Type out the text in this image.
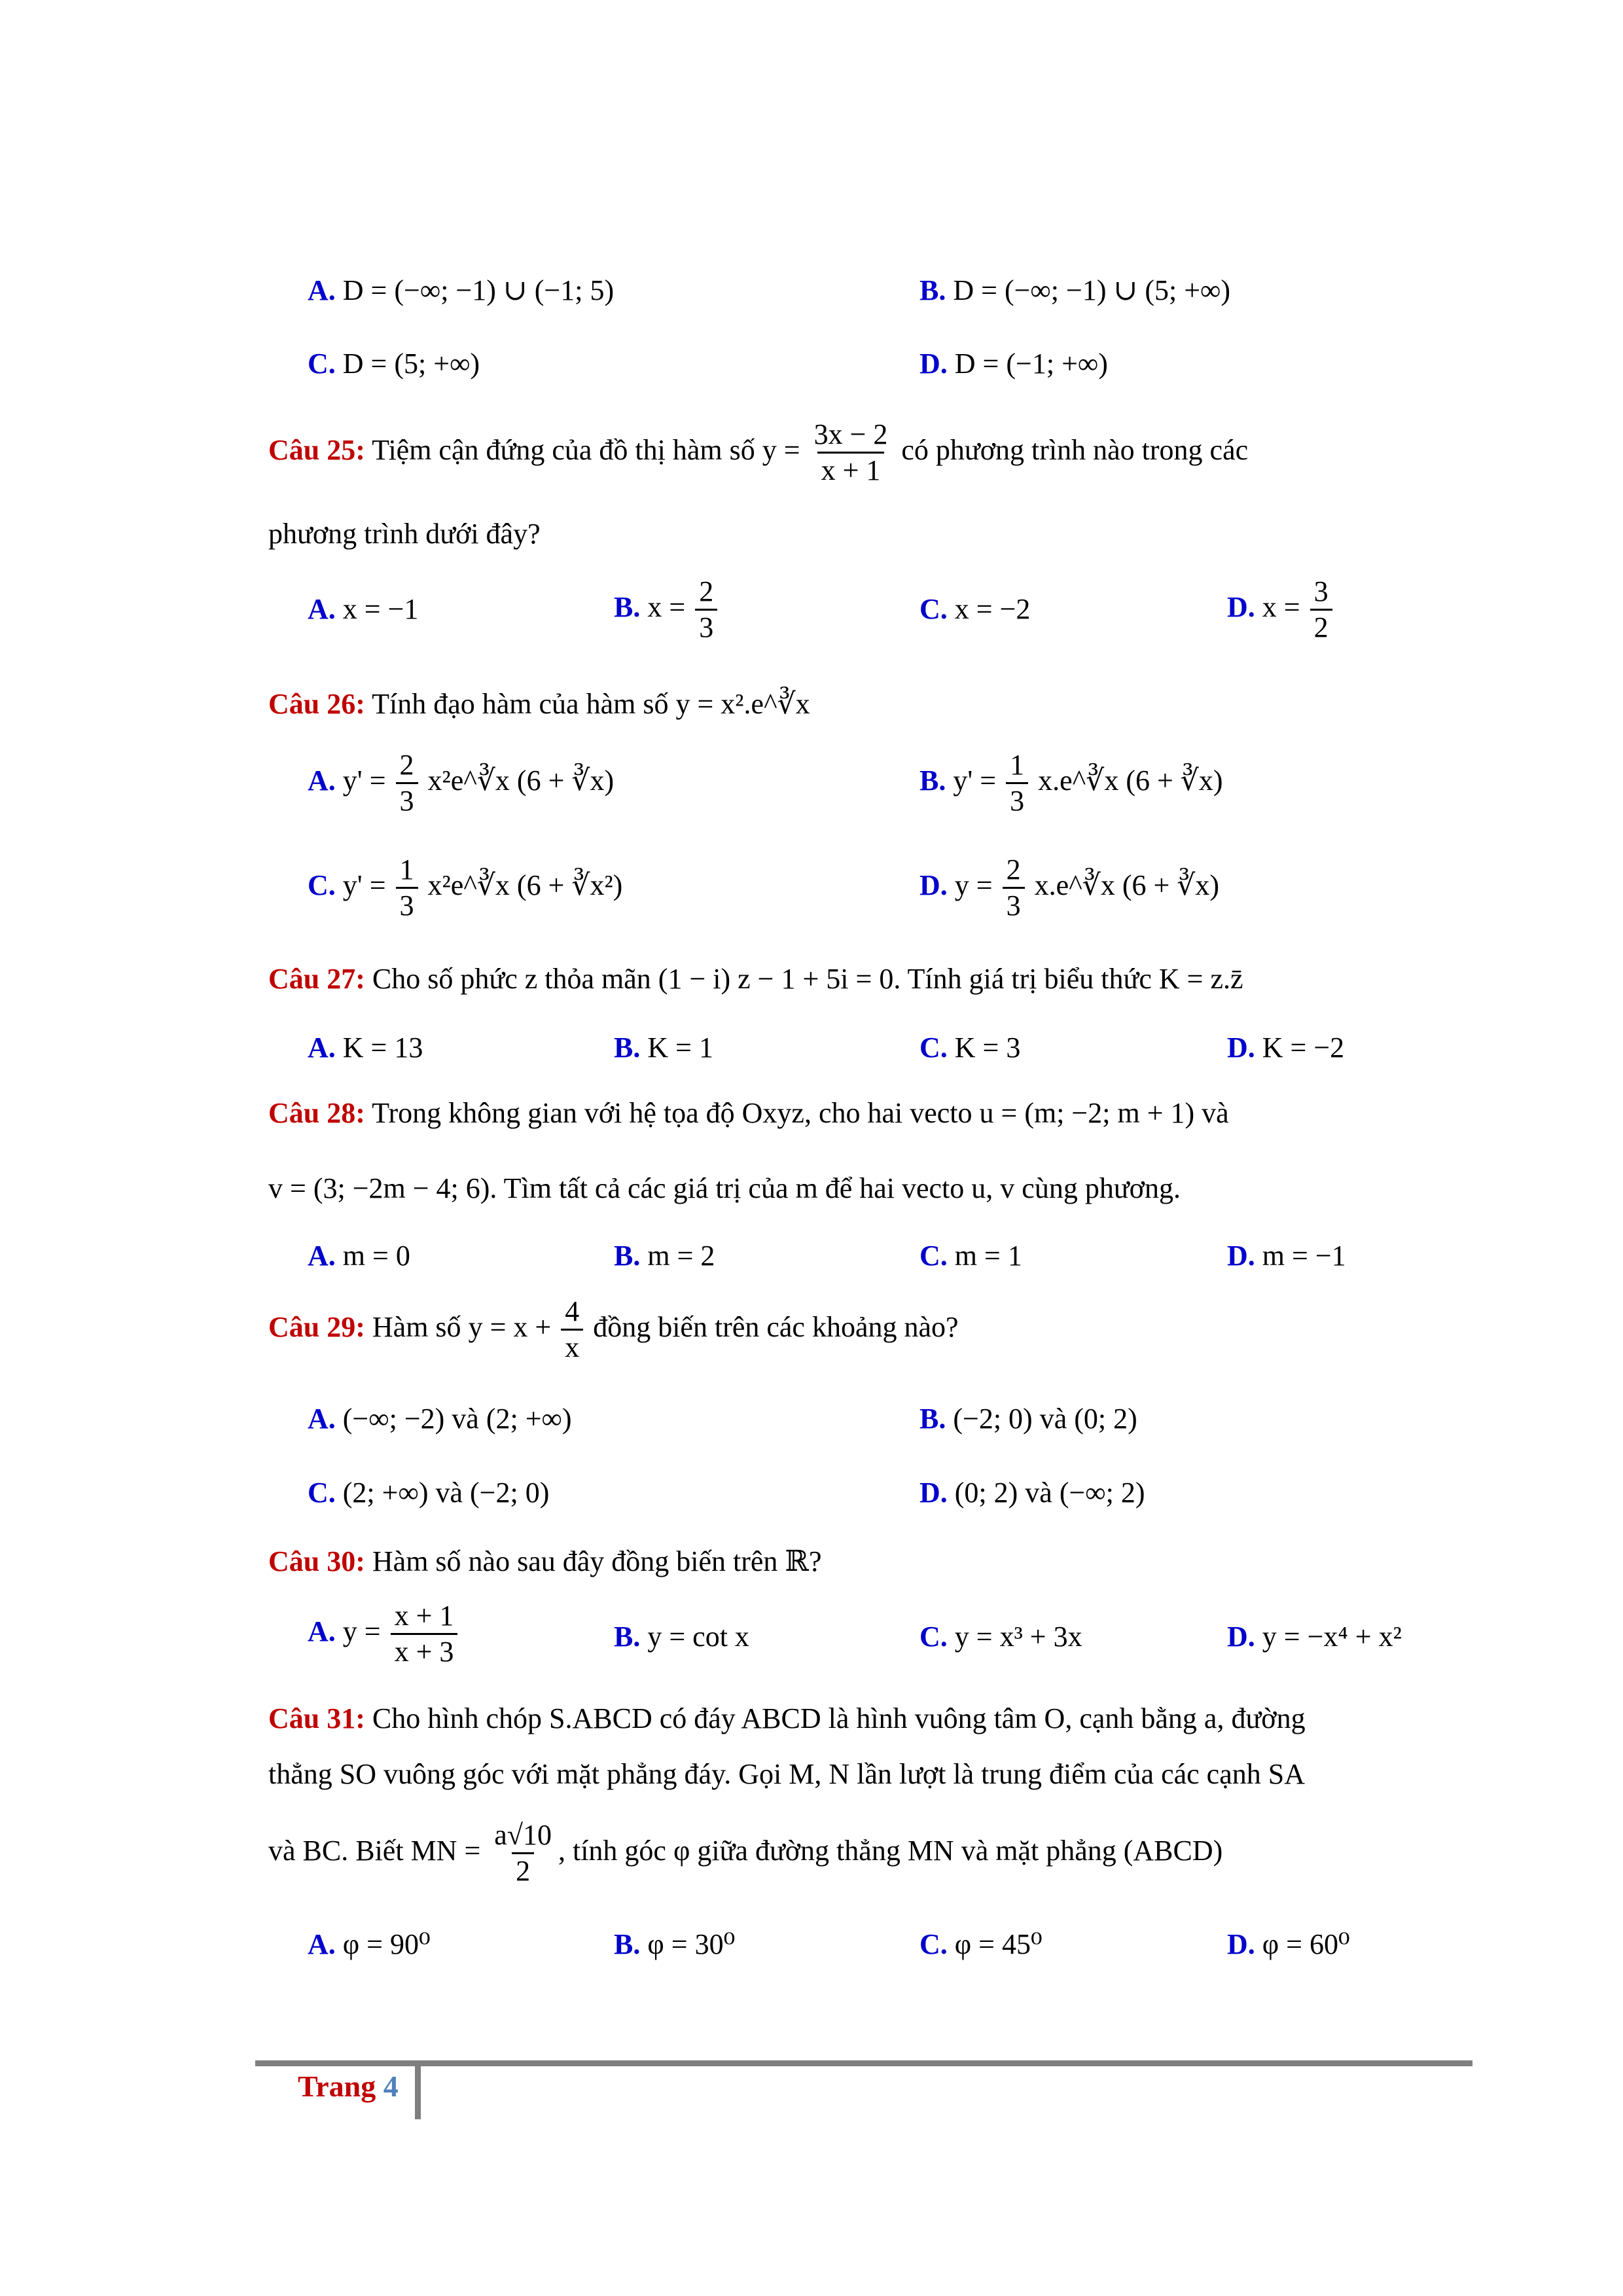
A. D = (−∞; −1) ∪ (−1; 5)	B. D = (−∞; −1) ∪ (5; +∞)
C. D = (5; +∞)	D. D = (−1; +∞)
Câu 25: Tiệm cận đứng của đồ thị hàm số $y = \frac{3x - 2}{x + 1}$ có phương trình nào trong các
phương trình dưới đây?
A. x = −1	B. $x = \frac{2}{3}$	C. x = −2	D. $x = \frac{3}{2}$
Câu 26: Tính đạo hàm của hàm số y = x².e^∛x
A. $y' = \frac{2}{3}$ x²e^∛x (6 + ∛x)	B. $y' = \frac{1}{3}$ x.e^∛x (6 + ∛x)
C. $y' = \frac{1}{3}$ x²e^∛x (6 + ∛x²)	D. $y = \frac{2}{3}$ x.e^∛x (6 + ∛x)
Câu 27: Cho số phức z thỏa mãn (1 − i) z − 1 + 5i = 0. Tính giá trị biểu thức K = z.z̄
A. K = 13	B. K = 1	C. K = 3	D. K = −2
Câu 28: Trong không gian với hệ tọa độ Oxyz, cho hai vecto u = (m; −2; m + 1) và
v = (3; −2m − 4; 6). Tìm tất cả các giá trị của m để hai vecto u, v cùng phương.
A. m = 0	B. m = 2	C. m = 1	D. m = −1
Câu 29: Hàm số $y = x + \frac{4}{x}$ đồng biến trên các khoảng nào?
A. (−∞; −2) và (2; +∞)	B. (−2; 0) và (0; 2)
C. (2; +∞) và (−2; 0)	D. (0; 2) và (−∞; 2)
Câu 30: Hàm số nào sau đây đồng biến trên ℝ?
A. $y = \frac{x + 1}{x + 3}$	B. y = cot x	C. y = x³ + 3x	D. y = −x⁴ + x²
Câu 31: Cho hình chóp S.ABCD có đáy ABCD là hình vuông tâm O, cạnh bằng a, đường
thẳng SO vuông góc với mặt phẳng đáy. Gọi M, N lần lượt là trung điểm của các cạnh SA
và BC. Biết MN = $\frac{a√10}{2}$ , tính góc φ giữa đường thẳng MN và mặt phẳng (ABCD)
A. φ = 90⁰	B. φ = 30⁰	C. φ = 45⁰	D. φ = 60⁰
Trang 4
